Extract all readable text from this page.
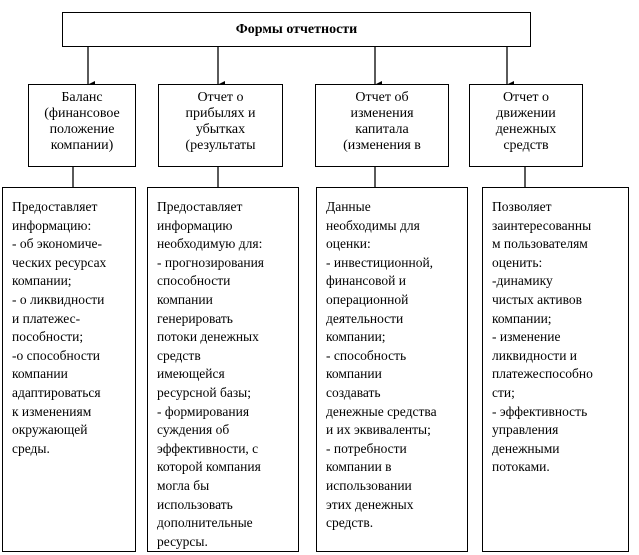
Формы отчетности
Баланс
(финансовое
положение
компании)
Отчет о
прибылях и
убытках
(результаты
Отчет об
изменения
капитала
(изменения в
Отчет о
движении
денежных
средств
Предоставляет
информацию:
- об экономиче-
ческих ресурсах
компании;
- о ликвидности
и платежес-
пособности;
-о способности
компании
адаптироваться
к изменениям
окружающей
среды.
Предоставляет
информацию
необходимую для:
- прогнозирования
способности
компании
генерировать
потоки денежных
средств
имеющейся
ресурсной базы;
- формирования
суждения об
эффективности, с
которой компания
могла бы
использовать
дополнительные
ресурсы.
Данные
необходимы для
оценки:
- инвестиционной,
финансовой и
операционной
деятельности
компании;
- способность
компании
создавать
денежные средства
и их эквиваленты;
- потребности
компании в
использовании
этих денежных
средств.
Позволяет
заинтересованны
м пользователям
оценить:
-динамику
чистых активов
компании;
- изменение
ликвидности и
платежеспособно
сти;
- эффективность
управления
денежными
потоками.
